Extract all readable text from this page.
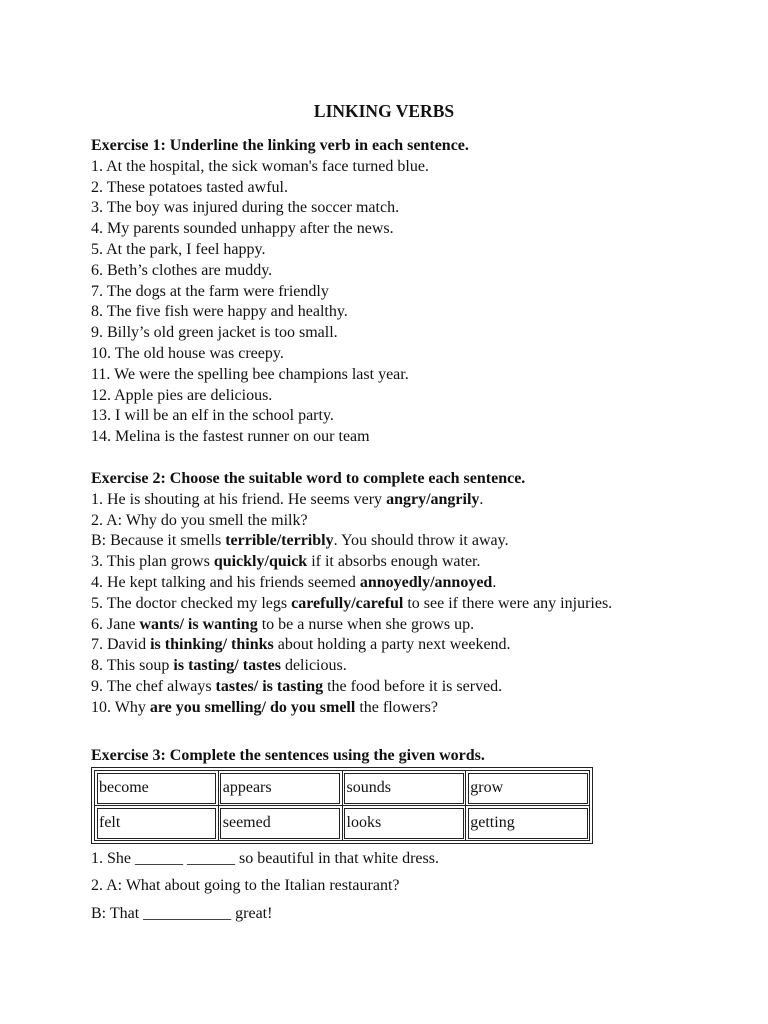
LINKING VERBS
Exercise 1: Underline the linking verb in each sentence.
1. At the hospital, the sick woman's face turned blue.
2. These potatoes tasted awful.
3. The boy was injured during the soccer match.
4. My parents sounded unhappy after the news.
5. At the park, I feel happy.
6. Beth’s clothes are muddy.
7. The dogs at the farm were friendly
8. The five fish were happy and healthy.
9. Billy’s old green jacket is too small.
10. The old house was creepy.
11. We were the spelling bee champions last year.
12. Apple pies are delicious.
13. I will be an elf in the school party.
14. Melina is the fastest runner on our team
Exercise 2: Choose the suitable word to complete each sentence.
1. He is shouting at his friend. He seems very angry/angrily.
2. A: Why do you smell the milk?
B: Because it smells terrible/terribly. You should throw it away.
3. This plan grows quickly/quick if it absorbs enough water.
4. He kept talking and his friends seemed annoyedly/annoyed.
5. The doctor checked my legs carefully/careful to see if there were any injuries.
6. Jane wants/ is wanting to be a nurse when she grows up.
7. David is thinking/ thinks about holding a party next weekend.
8. This soup is tasting/ tastes delicious.
9. The chef always tastes/ is tasting the food before it is served.
10. Why are you smelling/ do you smell the flowers?
Exercise 3: Complete the sentences using the given words.
become	appears	sounds	grow
felt	seemed	looks	getting
1. She ______ ______ so beautiful in that white dress.
2. A: What about going to the Italian restaurant?
B: That ___________ great!
